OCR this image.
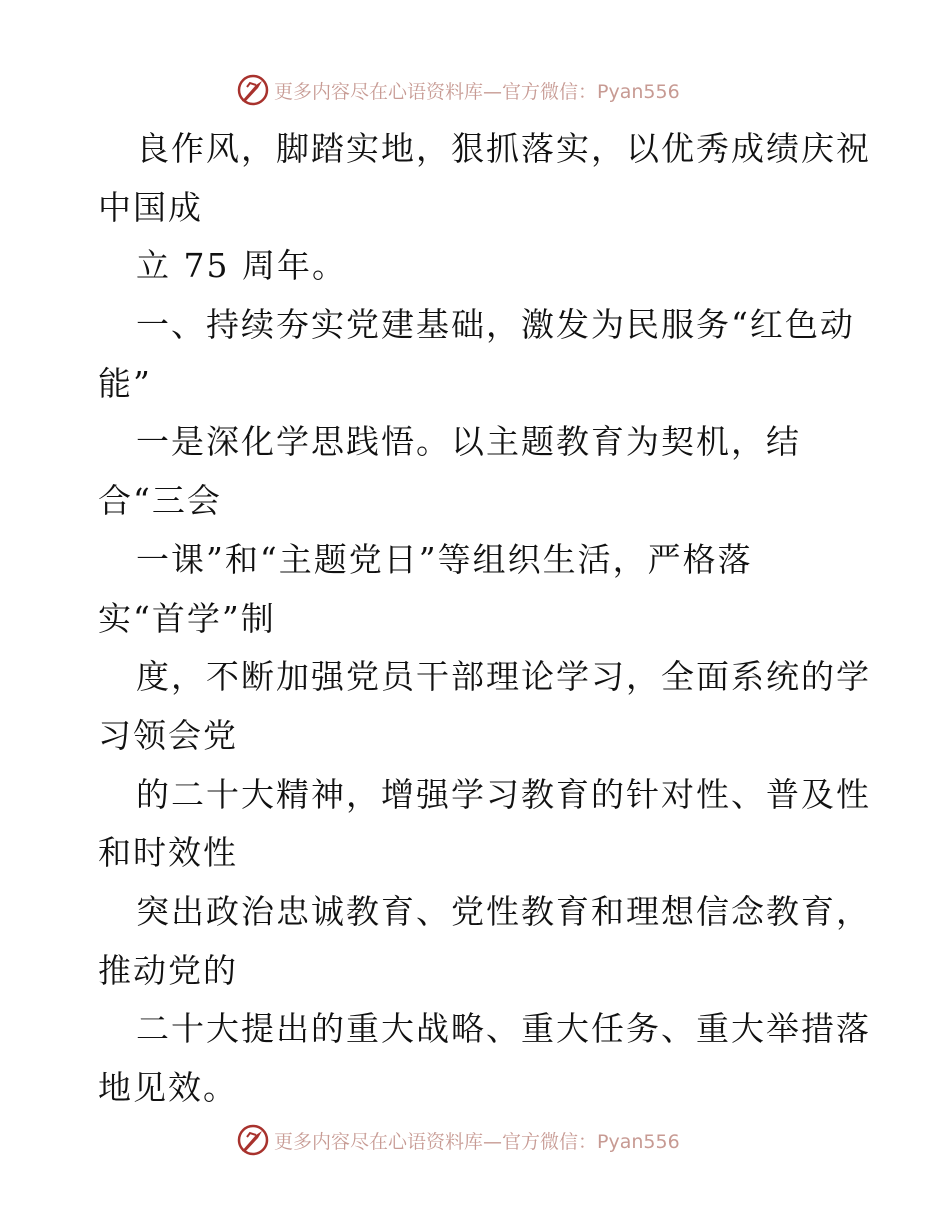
更多内容尽在心语资料库—官方微信：Pyan556
良作风，脚踏实地，狠抓落实，以优秀成绩庆祝
中国成
立 75 周年。
一、持续夯实党建基础，激发为民服务“红色动
能”
一是深化学思践悟。以主题教育为契机，结
合“三会
一课”和“主题党日”等组织生活，严格落
实“首学”制
度，不断加强党员干部理论学习，全面系统的学
习领会党
的二十大精神，增强学习教育的针对性、普及性
和时效性
突出政治忠诚教育、党性教育和理想信念教育，
推动党的
二十大提出的重大战略、重大任务、重大举措落
地见效。
更多内容尽在心语资料库—官方微信：Pyan556
